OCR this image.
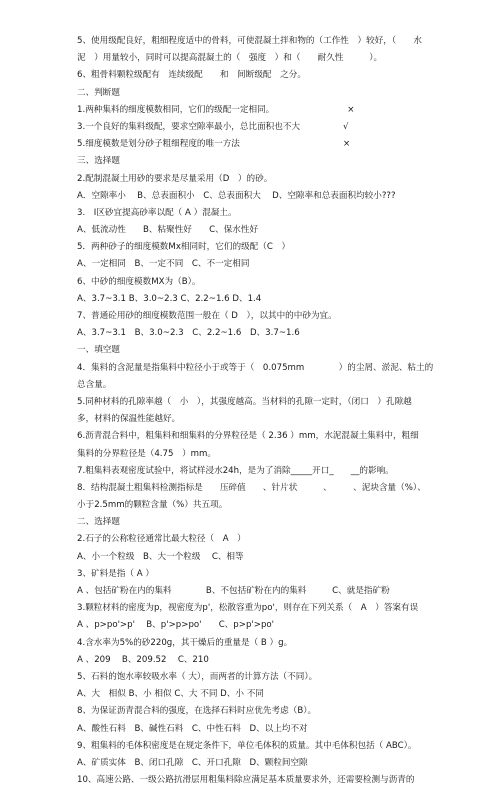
5、使用级配良好，粗细程度适中的骨料，可使混凝土拌和物的（工作性　）较好，（　　水
泥　）用量较小，同时可以提高混凝土的（　强度　）和（　　耐久性　　　）。
6、粗骨料颗粒级配有　连续级配　　和　间断级配　之分。
二、判断题
1.两种集料的细度模数相同，它们的级配一定相同。　　　　　　　　　×
3.一个良好的集料级配，要求空隙率最小，总比面积也不大　　　　　√
5.细度模数是划分砂子粗细程度的唯一方法　　　　　　　　　　　　×
三、选择题
2.配制混凝土用砂的要求是尽量采用（D　）的砂。
A．空隙率小　 B、总表面积小　C、总表面积大　 D、空隙率和总表面积均较小???
3.　I区砂宜提高砂率以配（ A ）混凝土。
A、低流动性　　B、粘聚性好　　C、保水性好
5．两种砂子的细度模数Mx相同时，它们的级配（C　）
A、一定相同　B、一定不同　C、不一定相同
6、中砂的细度模数MX为（B）。
A、3.7~3.1 B、3.0~2.3 C、2.2~1.6 D、1.4
7、普通砼用砂的细度模数范围一般在（ D　），以其中的中砂为宜。
A、3.7~3.1　B、3.0~2.3　C、2.2~1.6　D、3.7~1.6
一、填空题
4．集料的含泥量是指集料中粒径小于或等于（　0.075mm　　　　）的尘屑、淤泥、粘土的
总含量。
5.同种材料的孔隙率越（　小　），其强度越高。当材料的孔隙一定时，（闭口　）孔隙越
多，材料的保温性能越好。
6.沥青混合料中，粗集料和细集料的分界粒径是（ 2.36 ）mm，水泥混凝土集料中，粗细
集料的分界粒径是（4.75　）mm。
7.粗集料表观密度试验中，将试样浸水24h，是为了消除_____开口_　　__的影响。
8．结构混凝土粗集料检测指标是　　压碎值　　、针片状　　　、　　　、泥块含量（%）、
小于2.5mm的颗粒含量（%）共五项。
二、选择题
2.石子的公称粒径通常比最大粒径（　A　）
A、小一个粒级　B、大一个粒级　 C、相等
3、矿料是指（ A ）
A 、包括矿粉在内的集料　　　　B、不包括矿粉在内的集料　　　C、就是指矿粉
3.颗粒材料的密度为p，视密度为p'，松散容重为po'，则存在下列关系（　A　）答案有误
A 、p>po'>p'　 B、p'>p>po'　　C、p>p'>po'
4.含水率为5%的砂220g，其干燥后的重量是（ B ）g。
A 、209　 B、209.52　 C、210
5、石料的饱水率较吸水率（ 大），而两者的计算方法（不同）。
A、大　相似 B、小 相似 C、大 不同 D、小 不同
8、为保证沥青混合料的强度，在选择石料时应优先考虑（B）。
A、酸性石料　B、碱性石料　C、中性石料　D、以上均不对
9、粗集料的毛体积密度是在规定条件下，单位毛体积的质量。其中毛体积包括（ ABC）。
A、矿质实体　B、闭口孔隙　C、开口孔隙　D、颗粒间空隙
10、高速公路、一级公路抗滑层用粗集料除应满足基本质量要求外，还需要检测与沥青的
